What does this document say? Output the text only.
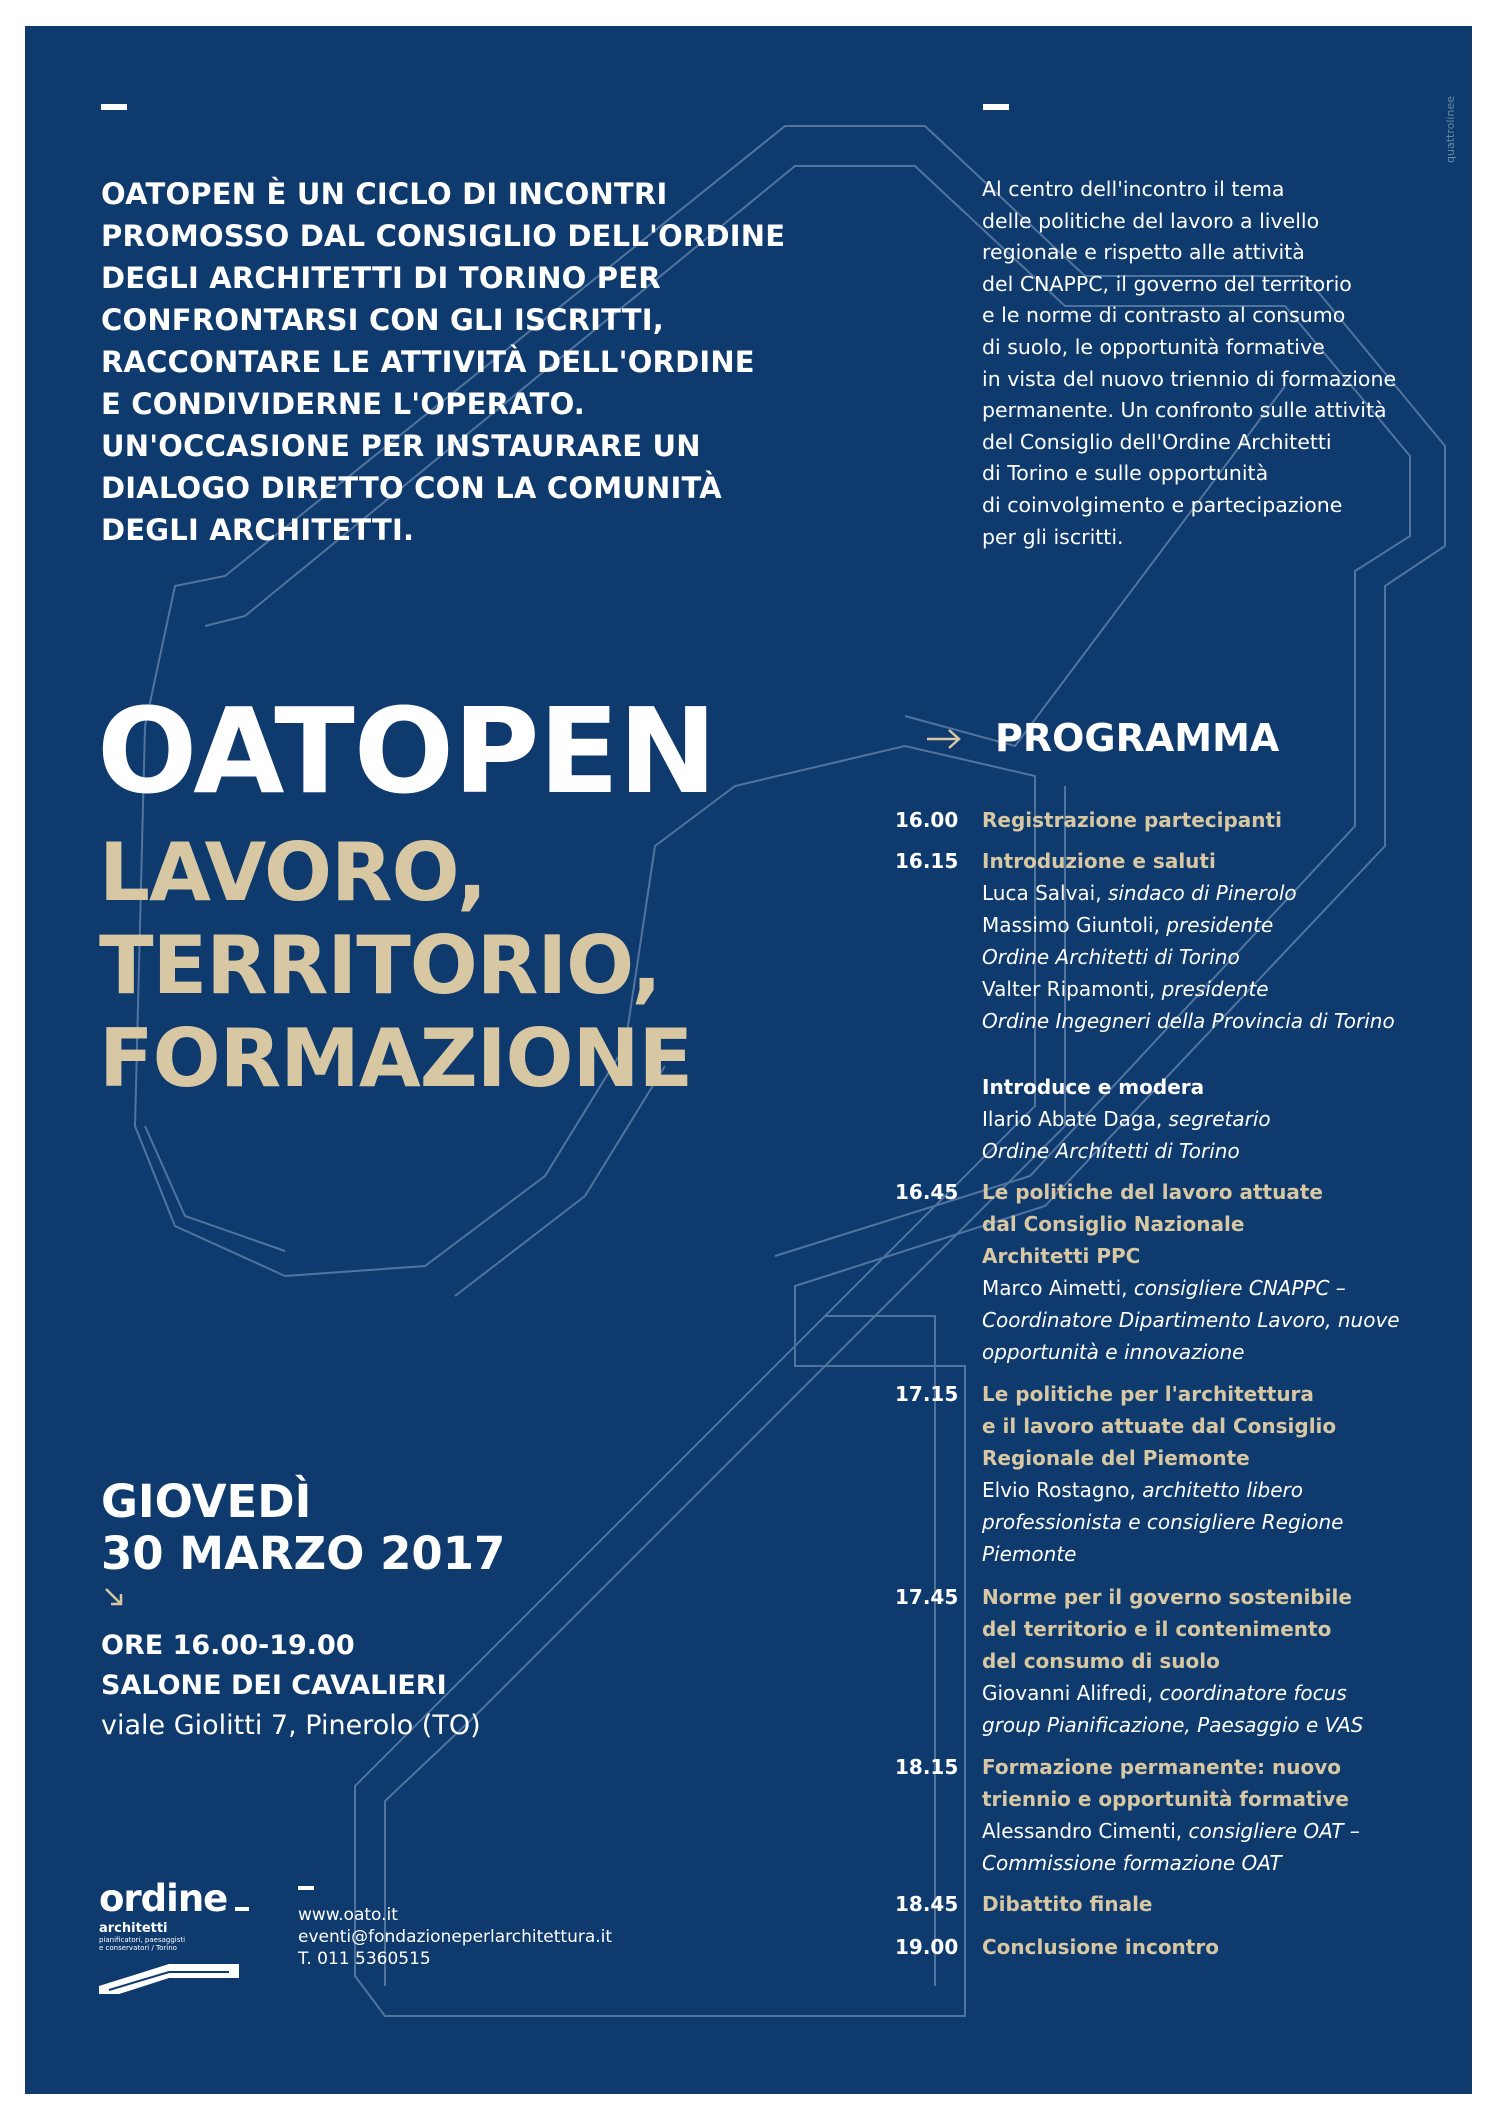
quattrolinee
OATOPEN È UN CICLO DI INCONTRI
PROMOSSO DAL CONSIGLIO DELL'ORDINE
DEGLI ARCHITETTI DI TORINO PER
CONFRONTARSI CON GLI ISCRITTI,
RACCONTARE LE ATTIVITÀ DELL'ORDINE
E CONDIVIDERNE L'OPERATO.
UN'OCCASIONE PER INSTAURARE UN
DIALOGO DIRETTO CON LA COMUNITÀ
DEGLI ARCHITETTI.
Al centro dell'incontro il tema
delle politiche del lavoro a livello
regionale e rispetto alle attività
del CNAPPC, il governo del territorio
e le norme di contrasto al consumo
di suolo, le opportunità formative
in vista del nuovo triennio di formazione
permanente. Un confronto sulle attività
del Consiglio dell'Ordine Architetti
di Torino e sulle opportunità
di coinvolgimento e partecipazione
per gli iscritti.
OATOPEN
LAVORO,
TERRITORIO,
FORMAZIONE
GIOVEDÌ
30 MARZO 2017
ORE 16.00-19.00
SALONE DEI CAVALIERI
viale Giolitti 7, Pinerolo (TO)
ordine
architetti
pianificatori, paesaggisti
e conservatori / Torino
www.oato.it
eventi@fondazioneperlarchitettura.it
T. 011 5360515
PROGRAMMA
16.00	Registrazione partecipanti
16.15	Introduzione e saluti
Luca Salvai, sindaco di Pinerolo
Massimo Giuntoli, presidente
Ordine Architetti di Torino
Valter Ripamonti, presidente
Ordine Ingegneri della Provincia di Torino
Introduce e modera
Ilario Abate Daga, segretario
Ordine Architetti di Torino
16.45	Le politiche del lavoro attuate
dal Consiglio Nazionale
Architetti PPC
Marco Aimetti, consigliere CNAPPC –
Coordinatore Dipartimento Lavoro, nuove
opportunità e innovazione
17.15	Le politiche per l'architettura
e il lavoro attuate dal Consiglio
Regionale del Piemonte
Elvio Rostagno, architetto libero
professionista e consigliere Regione
Piemonte
17.45	Norme per il governo sostenibile
del territorio e il contenimento
del consumo di suolo
Giovanni Alifredi, coordinatore focus
group Pianificazione, Paesaggio e VAS
18.15	Formazione permanente: nuovo
triennio e opportunità formative
Alessandro Cimenti, consigliere OAT –
Commissione formazione OAT
18.45	Dibattito finale
19.00	Conclusione incontro
